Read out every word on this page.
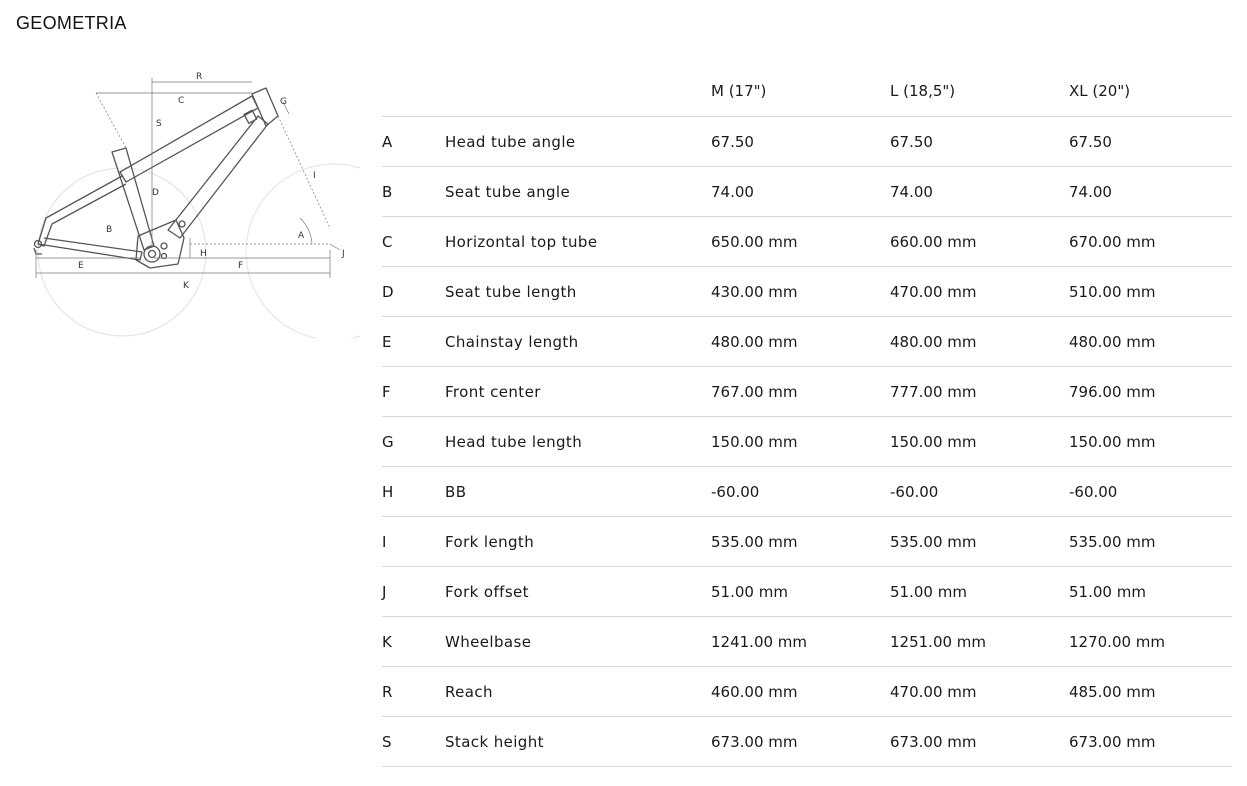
GEOMETRIA
R
C	G
S
I
D
B
A
H	J
E	F
K
		M (17")	L (18,5")	XL (20")
A	Head tube angle	67.50	67.50	67.50
B	Seat tube angle	74.00	74.00	74.00
C	Horizontal top tube	650.00 mm	660.00 mm	670.00 mm
D	Seat tube length	430.00 mm	470.00 mm	510.00 mm
E	Chainstay length	480.00 mm	480.00 mm	480.00 mm
F	Front center	767.00 mm	777.00 mm	796.00 mm
G	Head tube length	150.00 mm	150.00 mm	150.00 mm
H	BB	-60.00	-60.00	-60.00
I	Fork length	535.00 mm	535.00 mm	535.00 mm
J	Fork offset	51.00 mm	51.00 mm	51.00 mm
K	Wheelbase	1241.00 mm	1251.00 mm	1270.00 mm
R	Reach	460.00 mm	470.00 mm	485.00 mm
S	Stack height	673.00 mm	673.00 mm	673.00 mm
